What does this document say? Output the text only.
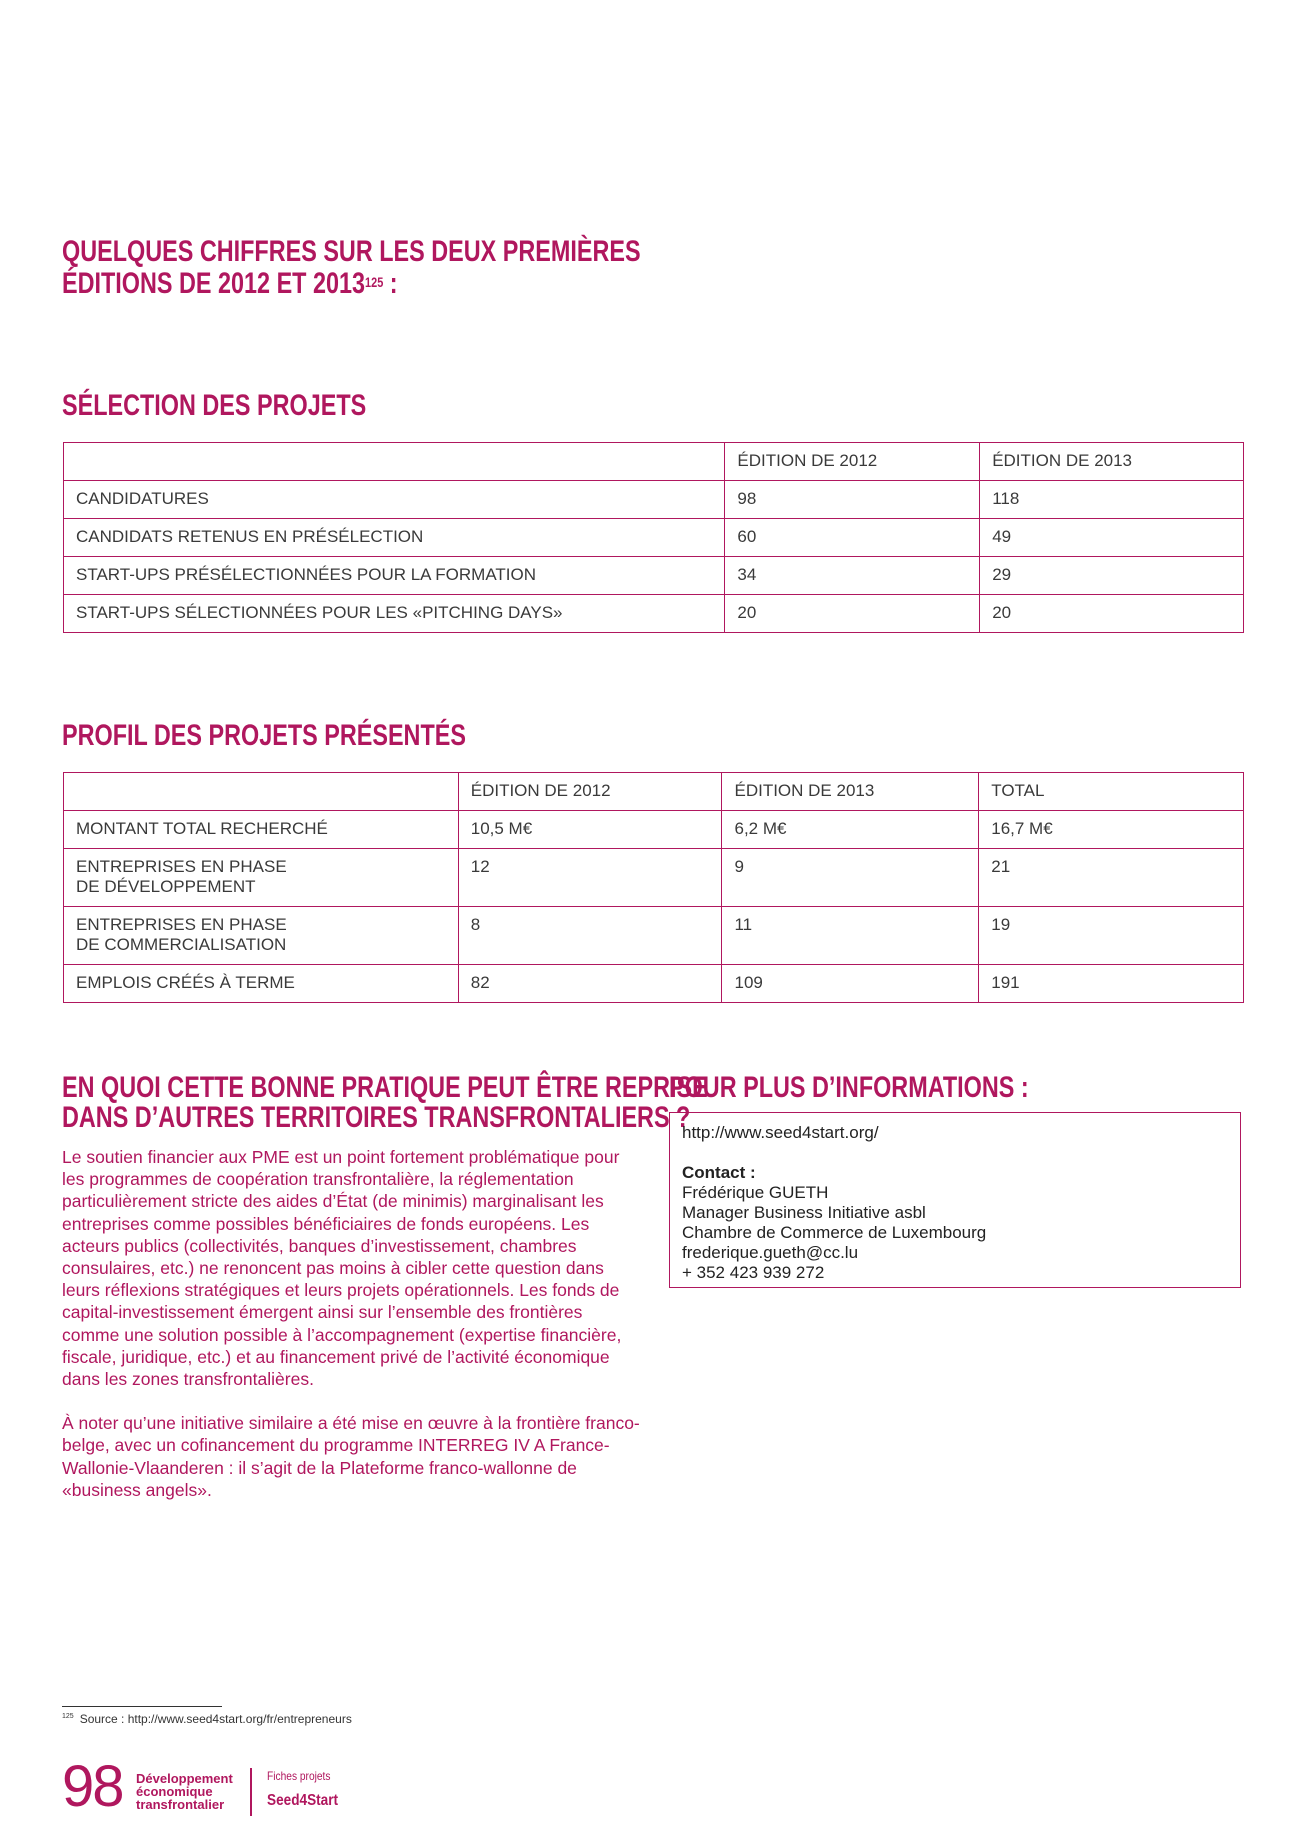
QUELQUES CHIFFRES SUR LES DEUX PREMIÈRES
ÉDITIONS DE 2012 ET 2013$^{125}$ :
SÉLECTION DES PROJETS
	ÉDITION DE 2012	ÉDITION DE 2013
CANDIDATURES	98	118
CANDIDATS RETENUS EN PRÉSÉLECTION	60	49
START-UPS PRÉSÉLECTIONNÉES POUR LA FORMATION	34	29
START-UPS SÉLECTIONNÉES POUR LES «PITCHING DAYS»	20	20
PROFIL DES PROJETS PRÉSENTÉS
	ÉDITION DE 2012	ÉDITION DE 2013	TOTAL

MONTANT TOTAL RECHERCHÉ	10,5 M€	6,2 M€	16,7 M€

ENTREPRISES EN PHASE
DE DÉVELOPPEMENT	12	9	21

ENTREPRISES EN PHASE
DE COMMERCIALISATION	8	11	19

EMPLOIS CRÉÉS À TERME	82	109	191
EN QUOI CETTE BONNE PRATIQUE PEUT ÊTRE REPRISE
DANS D’AUTRES TERRITOIRES TRANSFRONTALIERS ?

Le soutien financier aux PME est un point fortement problématique pour les programmes de coopération transfrontalière, la réglementation particulièrement stricte des aides d’État (de minimis) marginalisant les entreprises comme possibles bénéficiaires de fonds européens. Les acteurs publics (collectivités, banques d’investissement, chambres consulaires, etc.) ne renoncent pas moins à cibler cette question dans leurs réflexions stratégiques et leurs projets opérationnels. Les fonds de capital-investissement émergent ainsi sur l’ensemble des frontières comme une solution possible à l’accompagnement (expertise financière, fiscale, juridique, etc.) et au financement privé de l’activité économique dans les zones transfrontalières.

À noter qu’une initiative similaire a été mise en œuvre à la frontière franco-belge, avec un cofinancement du programme INTERREG IV A France-Wallonie-Vlaanderen : il s’agit de la Plateforme franco-wallonne de «business angels».

POUR PLUS D’INFORMATIONS :
http://www.seed4start.org/
Contact :
Frédérique GUETH
Manager Business Initiative asbl
Chambre de Commerce de Luxembourg
frederique.gueth@cc.lu
+ 352 423 939 272
$^{125}$ Source : http://www.seed4start.org/fr/entrepreneurs
98 Développement
économique
transfrontalier
Fiches projets
Seed4Start
